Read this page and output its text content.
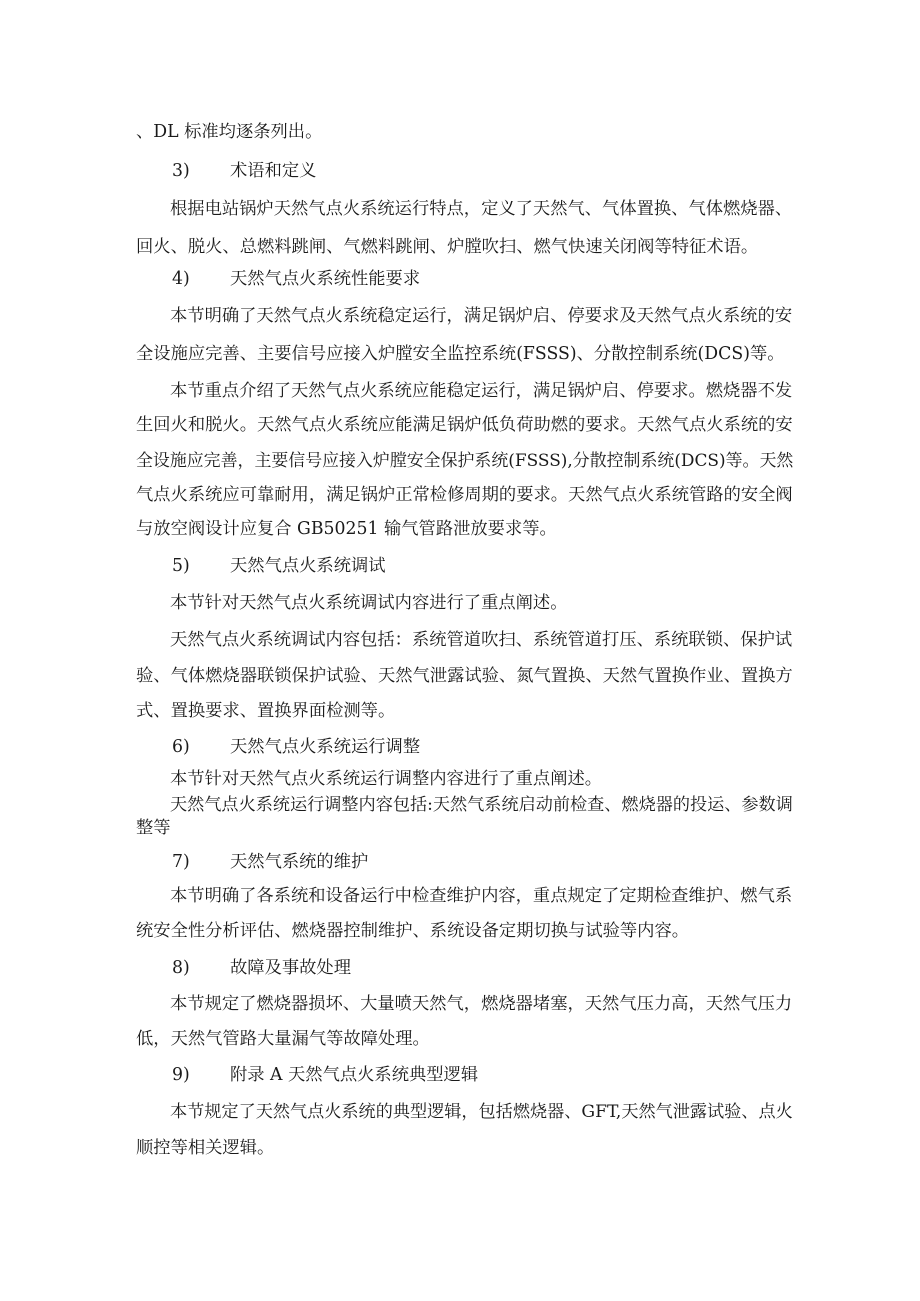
、DL 标准均逐条列出。

3)	术语和定义

根据电站锅炉天然气点火系统运行特点，定义了天然气、气体置换、气体燃烧器、

回火、脱火、总燃料跳闸、气燃料跳闸、炉膛吹扫、燃气快速关闭阀等特征术语。

4)	天然气点火系统性能要求

本节明确了天然气点火系统稳定运行，满足锅炉启、停要求及天然气点火系统的安

全设施应完善、主要信号应接入炉膛安全监控系统(FSSS)、分散控制系统(DCS)等。

本节重点介绍了天然气点火系统应能稳定运行，满足锅炉启、停要求。燃烧器不发

生回火和脱火。天然气点火系统应能满足锅炉低负荷助燃的要求。天然气点火系统的安

全设施应完善，主要信号应接入炉膛安全保护系统(FSSS),分散控制系统(DCS)等。天然

气点火系统应可靠耐用，满足锅炉正常检修周期的要求。天然气点火系统管路的安全阀

与放空阀设计应复合 GB50251 输气管路泄放要求等。

5)	天然气点火系统调试

本节针对天然气点火系统调试内容进行了重点阐述。

天然气点火系统调试内容包括：系统管道吹扫、系统管道打压、系统联锁、保护试

验、气体燃烧器联锁保护试验、天然气泄露试验、氮气置换、天然气置换作业、置换方

式、置换要求、置换界面检测等。

6)	天然气点火系统运行调整

本节针对天然气点火系统运行调整内容进行了重点阐述。

天然气点火系统运行调整内容包括:天然气系统启动前检查、燃烧器的投运、参数调

整等

7)	天然气系统的维护

本节明确了各系统和设备运行中检查维护内容，重点规定了定期检查维护、燃气系

统安全性分析评估、燃烧器控制维护、系统设备定期切换与试验等内容。

8)	故障及事故处理

本节规定了燃烧器损坏、大量喷天然气，燃烧器堵塞，天然气压力高，天然气压力

低，天然气管路大量漏气等故障处理。

9)	附录 A 天然气点火系统典型逻辑

本节规定了天然气点火系统的典型逻辑，包括燃烧器、GFT,天然气泄露试验、点火

顺控等相关逻辑。
